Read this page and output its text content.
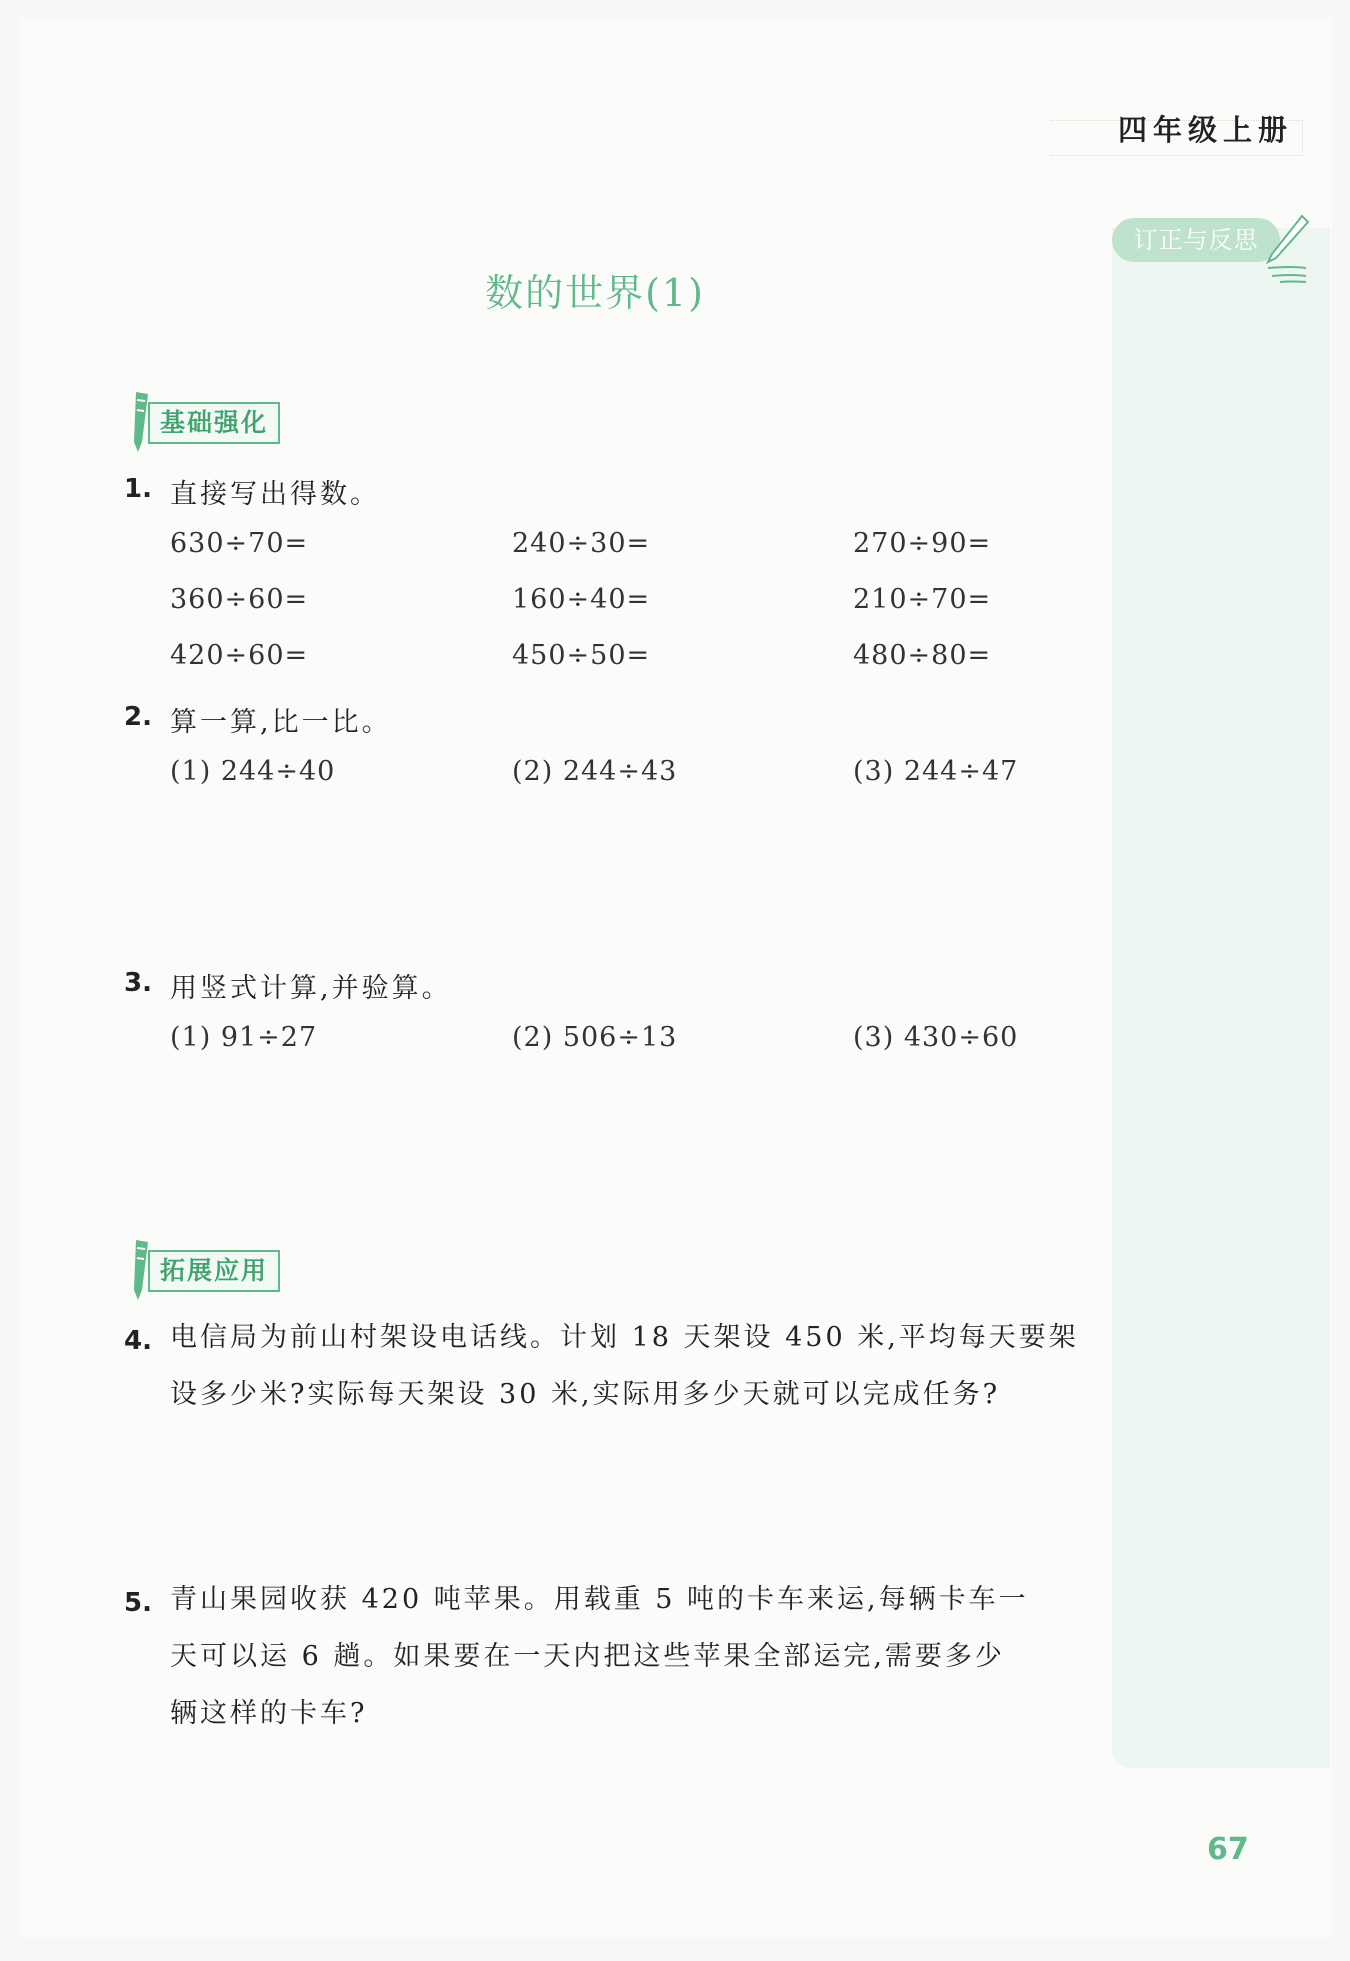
四年级上册
订正与反思
数的世界(1)
基础强化
1. 直接写出得数。
630÷70=	240÷30=	270÷90=
360÷60=	160÷40=	210÷70=
420÷60=	450÷50=	480÷80=
2. 算一算,比一比。
(1) 244÷40	(2) 244÷43	(3) 244÷47
3. 用竖式计算,并验算。
(1) 91÷27	(2) 506÷13	(3) 430÷60
拓展应用
4. 电信局为前山村架设电话线。计划 18 天架设 450 米,平均每天要架
设多少米?实际每天架设 30 米,实际用多少天就可以完成任务?
5. 青山果园收获 420 吨苹果。用载重 5 吨的卡车来运,每辆卡车一
天可以运 6 趟。如果要在一天内把这些苹果全部运完,需要多少
辆这样的卡车?
67
